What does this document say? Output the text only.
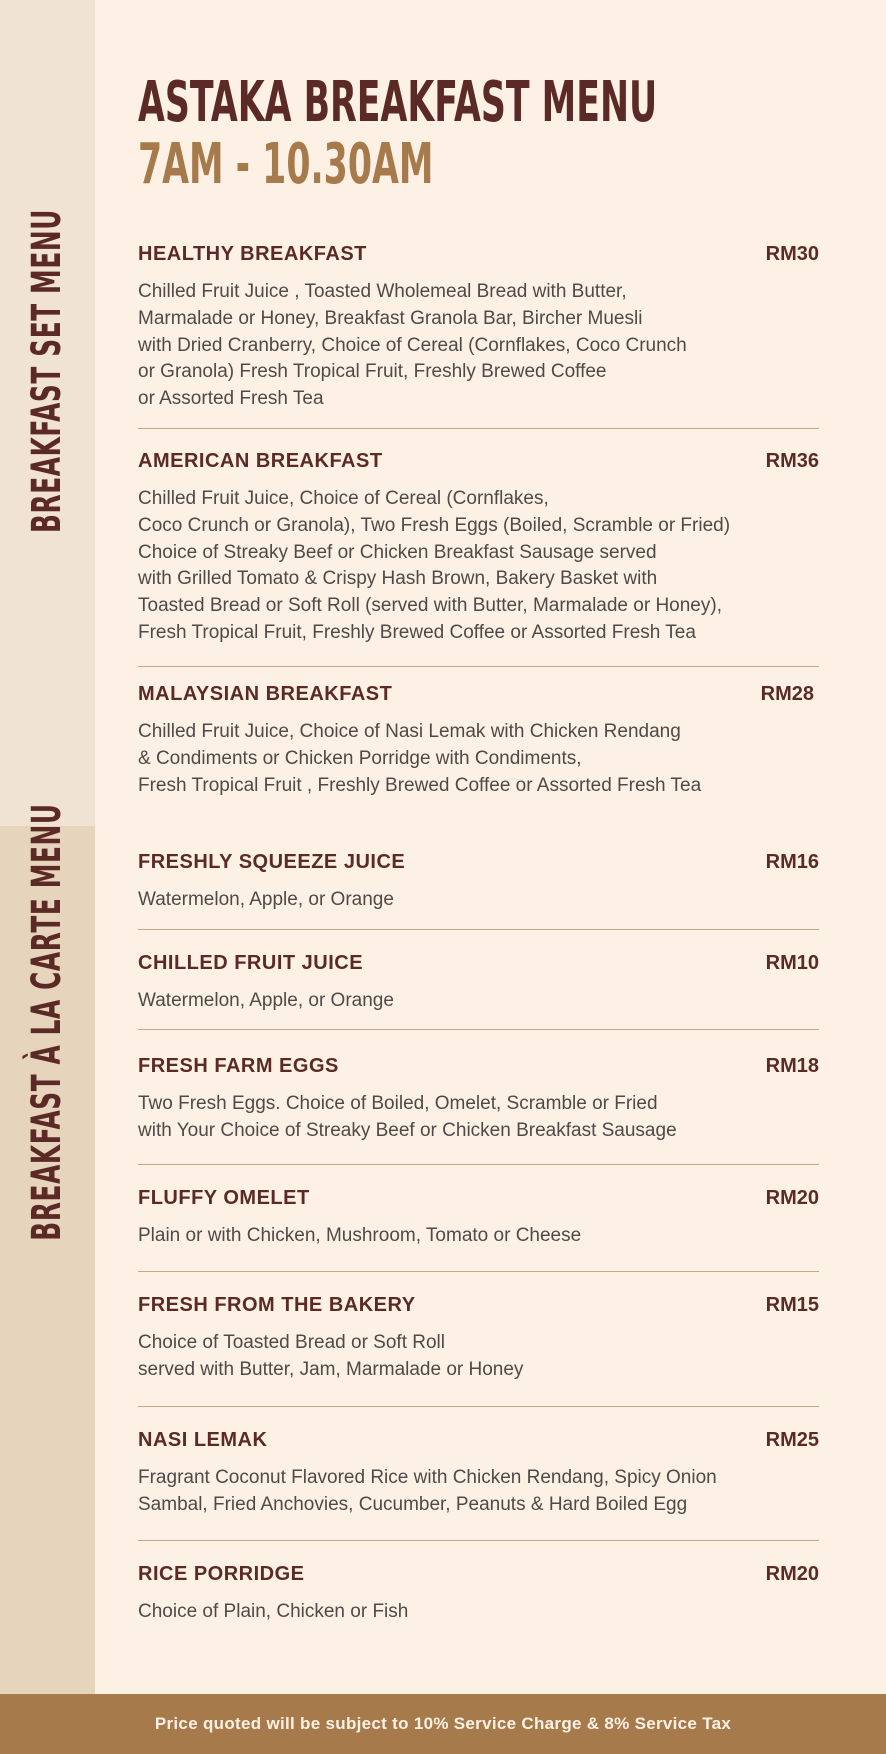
BREAKFAST SET MENU
BREAKFAST À LA CARTE MENU
ASTAKA BREAKFAST MENU
7AM - 10.30AM
HEALTHY BREAKFAST	RM30
Chilled Fruit Juice , Toasted Wholemeal Bread with Butter,
Marmalade or Honey, Breakfast Granola Bar, Bircher Muesli
with Dried Cranberry, Choice of Cereal (Cornflakes, Coco Crunch
or Granola) Fresh Tropical Fruit, Freshly Brewed Coffee
or Assorted Fresh Tea
AMERICAN BREAKFAST	RM36
Chilled Fruit Juice, Choice of Cereal (Cornflakes,
Coco Crunch or Granola), Two Fresh Eggs (Boiled, Scramble or Fried)
Choice of Streaky Beef or Chicken Breakfast Sausage served
with Grilled Tomato & Crispy Hash Brown, Bakery Basket with
Toasted Bread or Soft Roll (served with Butter, Marmalade or Honey),
Fresh Tropical Fruit, Freshly Brewed Coffee or Assorted Fresh Tea
MALAYSIAN BREAKFAST	RM28
Chilled Fruit Juice, Choice of Nasi Lemak with Chicken Rendang
& Condiments or Chicken Porridge with Condiments,
Fresh Tropical Fruit , Freshly Brewed Coffee or Assorted Fresh Tea
FRESHLY SQUEEZE JUICE	RM16
Watermelon, Apple, or Orange
CHILLED FRUIT JUICE	RM10
Watermelon, Apple, or Orange
FRESH FARM EGGS	RM18
Two Fresh Eggs. Choice of Boiled, Omelet, Scramble or Fried
with Your Choice of Streaky Beef or Chicken Breakfast Sausage
FLUFFY OMELET	RM20
Plain or with Chicken, Mushroom, Tomato or Cheese
FRESH FROM THE BAKERY	RM15
Choice of Toasted Bread or Soft Roll
served with Butter, Jam, Marmalade or Honey
NASI LEMAK	RM25
Fragrant Coconut Flavored Rice with Chicken Rendang, Spicy Onion
Sambal, Fried Anchovies, Cucumber, Peanuts & Hard Boiled Egg
RICE PORRIDGE	RM20
Choice of Plain, Chicken or Fish
Price quoted will be subject to 10% Service Charge & 8% Service Tax
